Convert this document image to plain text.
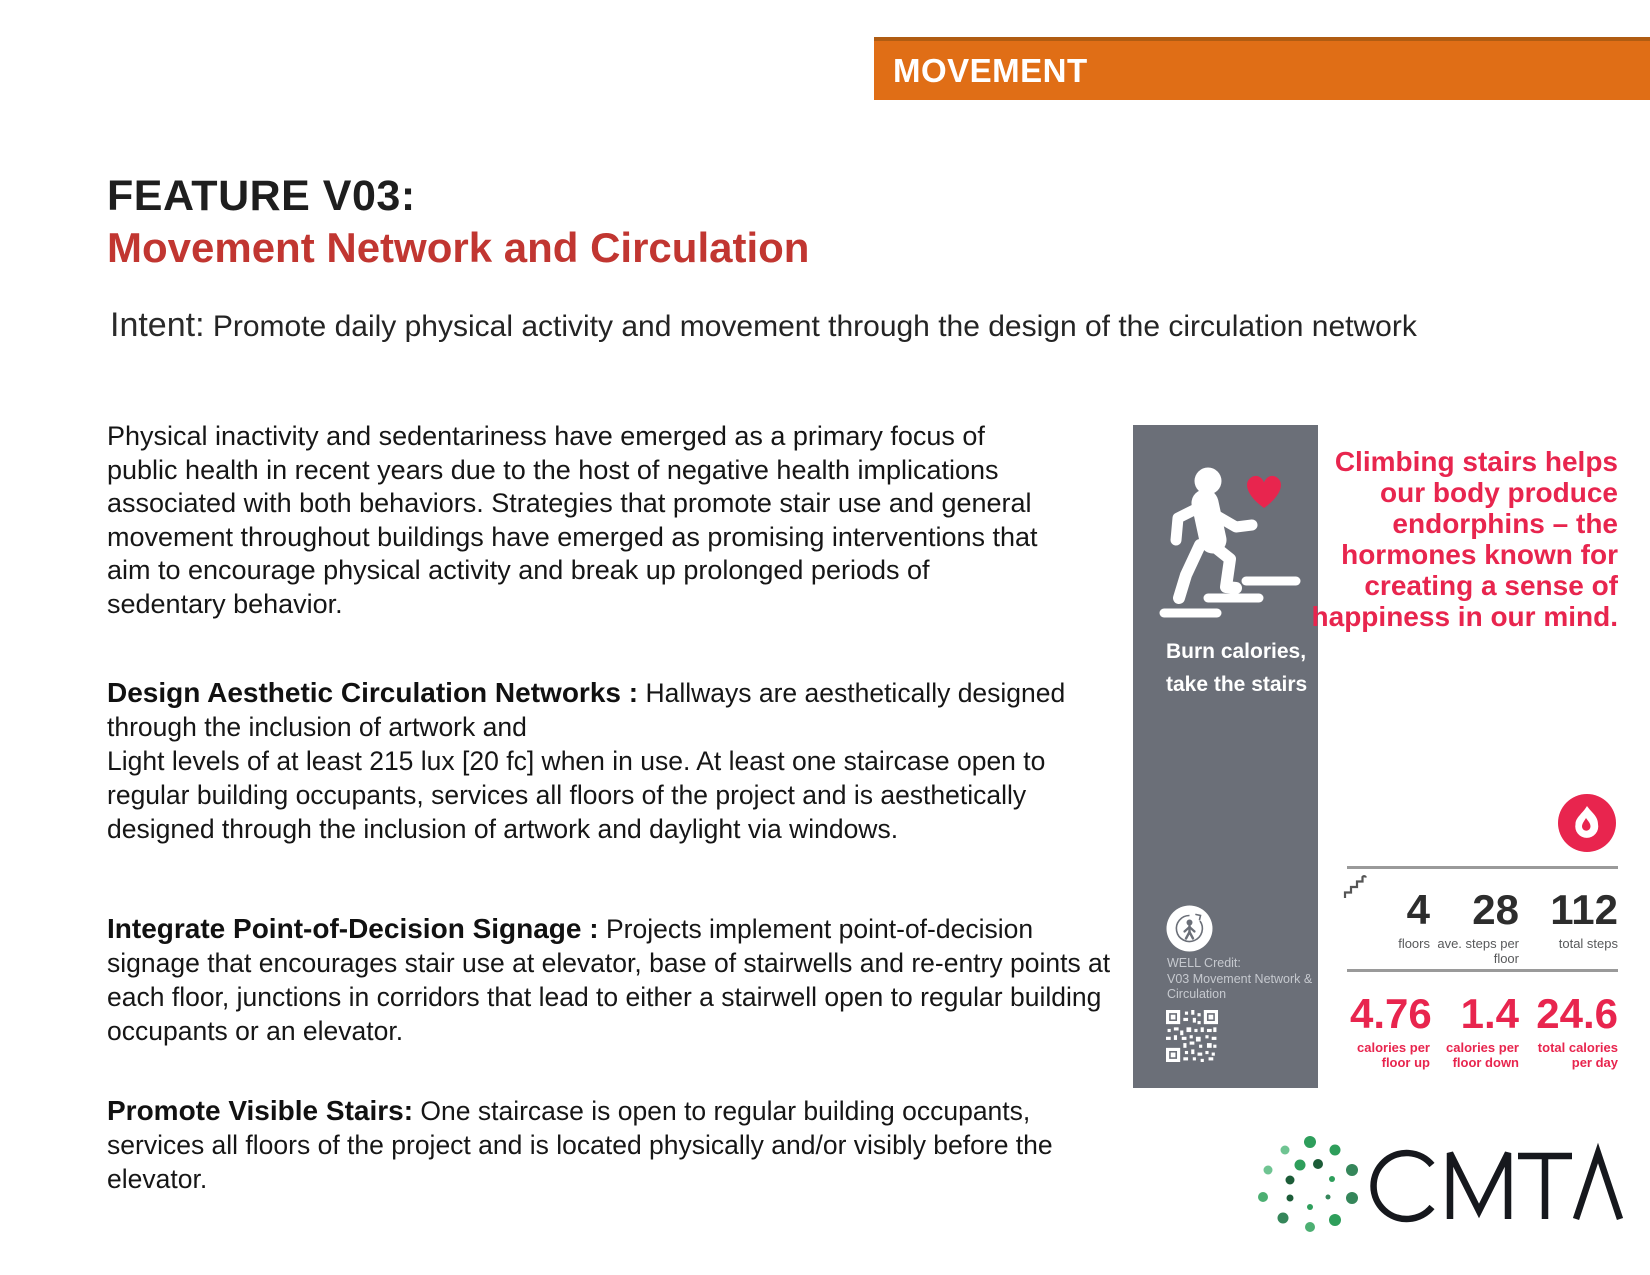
MOVEMENT
FEATURE V03:
Movement Network and Circulation
Intent: Promote daily physical activity and movement through the design of the circulation network
Physical inactivity and sedentariness have emerged as a primary focus of public health in recent years due to the host of negative health implications associated with both behaviors. Strategies that promote stair use and general movement throughout buildings have emerged as promising interventions that aim to encourage physical activity and break up prolonged periods of sedentary behavior.
Design Aesthetic Circulation Networks : Hallways are aesthetically designed through the inclusion of artwork and
Light levels of at least 215 lux [20 fc] when in use. At least one staircase open to regular building occupants, services all floors of the project and is aesthetically designed through the inclusion of artwork and daylight via windows.
Integrate Point-of-Decision Signage : Projects implement point-of-decision signage that encourages stair use at elevator, base of stairwells and re-entry points at each floor, junctions in corridors that lead to either a stairwell open to regular building occupants or an elevator.
Promote Visible Stairs: One staircase is open to regular building occupants, services all floors of the project and is located physically and/or visibly before the elevator.
Burn calories,
take the stairs
WELL Credit:
V03 Movement Network &
Circulation
Climbing stairs helps our body produce endorphins – the hormones known for creating a sense of happiness in our mind.
4
floors
28
ave. steps per floor
112
total steps
4.76
calories per floor up
1.4
calories per floor down
24.6
total calories per day
